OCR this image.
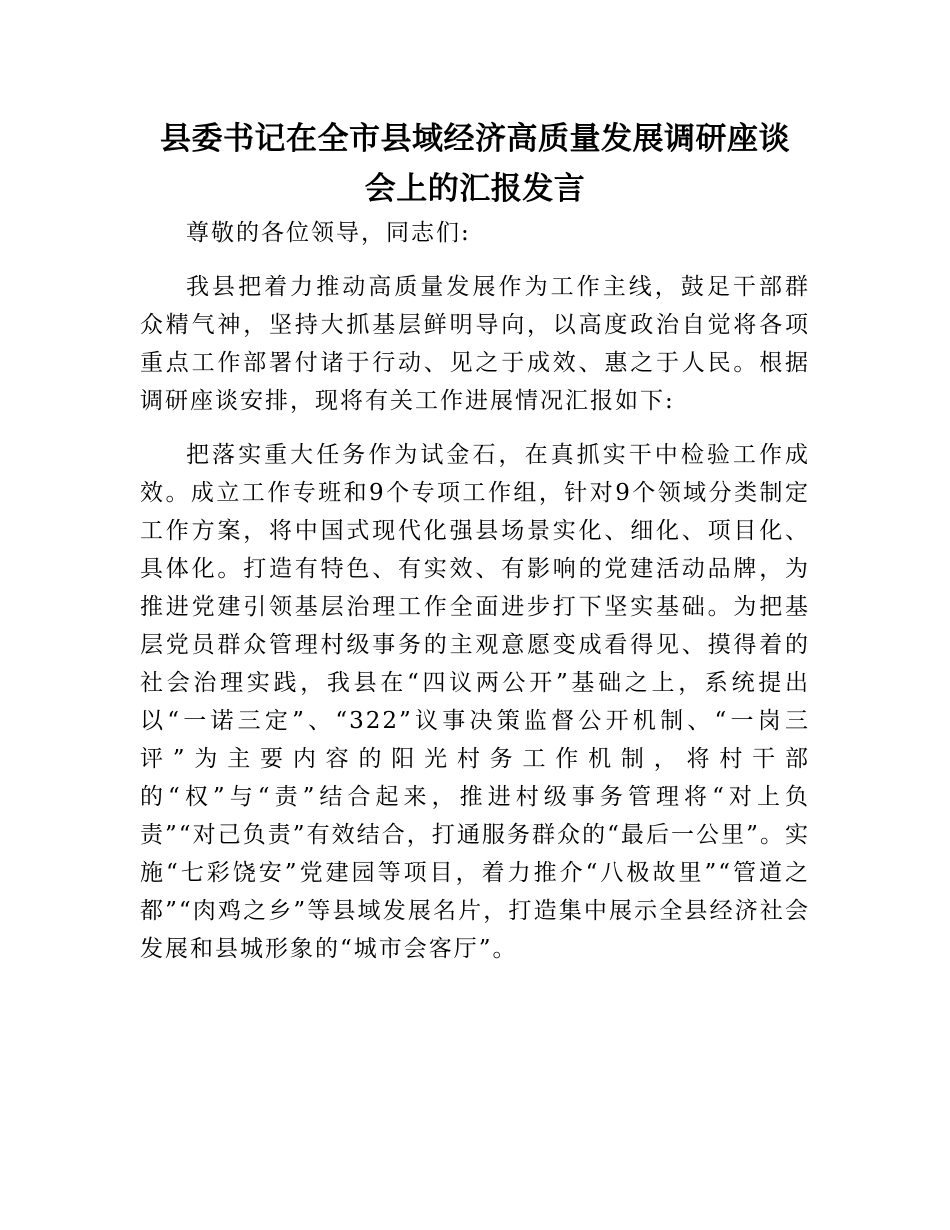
县委书记在全市县域经济高质量发展调研座谈
会上的汇报发言

尊敬的各位领导，同志们:

我县把着力推动高质量发展作为工作主线，鼓足干部群众精气神，坚持大抓基层鲜明导向，以高度政治自觉将各项重点工作部署付诸于行动、见之于成效、惠之于人民。根据调研座谈安排，现将有关工作进展情况汇报如下:

把落实重大任务作为试金石，在真抓实干中检验工作成效。成立工作专班和9个专项工作组，针对9个领域分类制定工作方案，将中国式现代化强县场景实化、细化、项目化、具体化。打造有特色、有实效、有影响的党建活动品牌，为推进党建引领基层治理工作全面进步打下坚实基础。为把基层党员群众管理村级事务的主观意愿变成看得见、摸得着的社会治理实践，我县在“四议两公开”基础之上，系统提出以“一诺三定”、“322”议事决策监督公开机制、“一岗三评”为主要内容的阳光村务工作机制，将村干部的“权”与“责”结合起来，推进村级事务管理将“对上负责”“对己负责”有效结合，打通服务群众的“最后一公里”。实施“七彩饶安”党建园等项目，着力推介“八极故里”“管道之都”“肉鸡之乡”等县域发展名片，打造集中展示全县经济社会发展和县城形象的“城市会客厅”。
